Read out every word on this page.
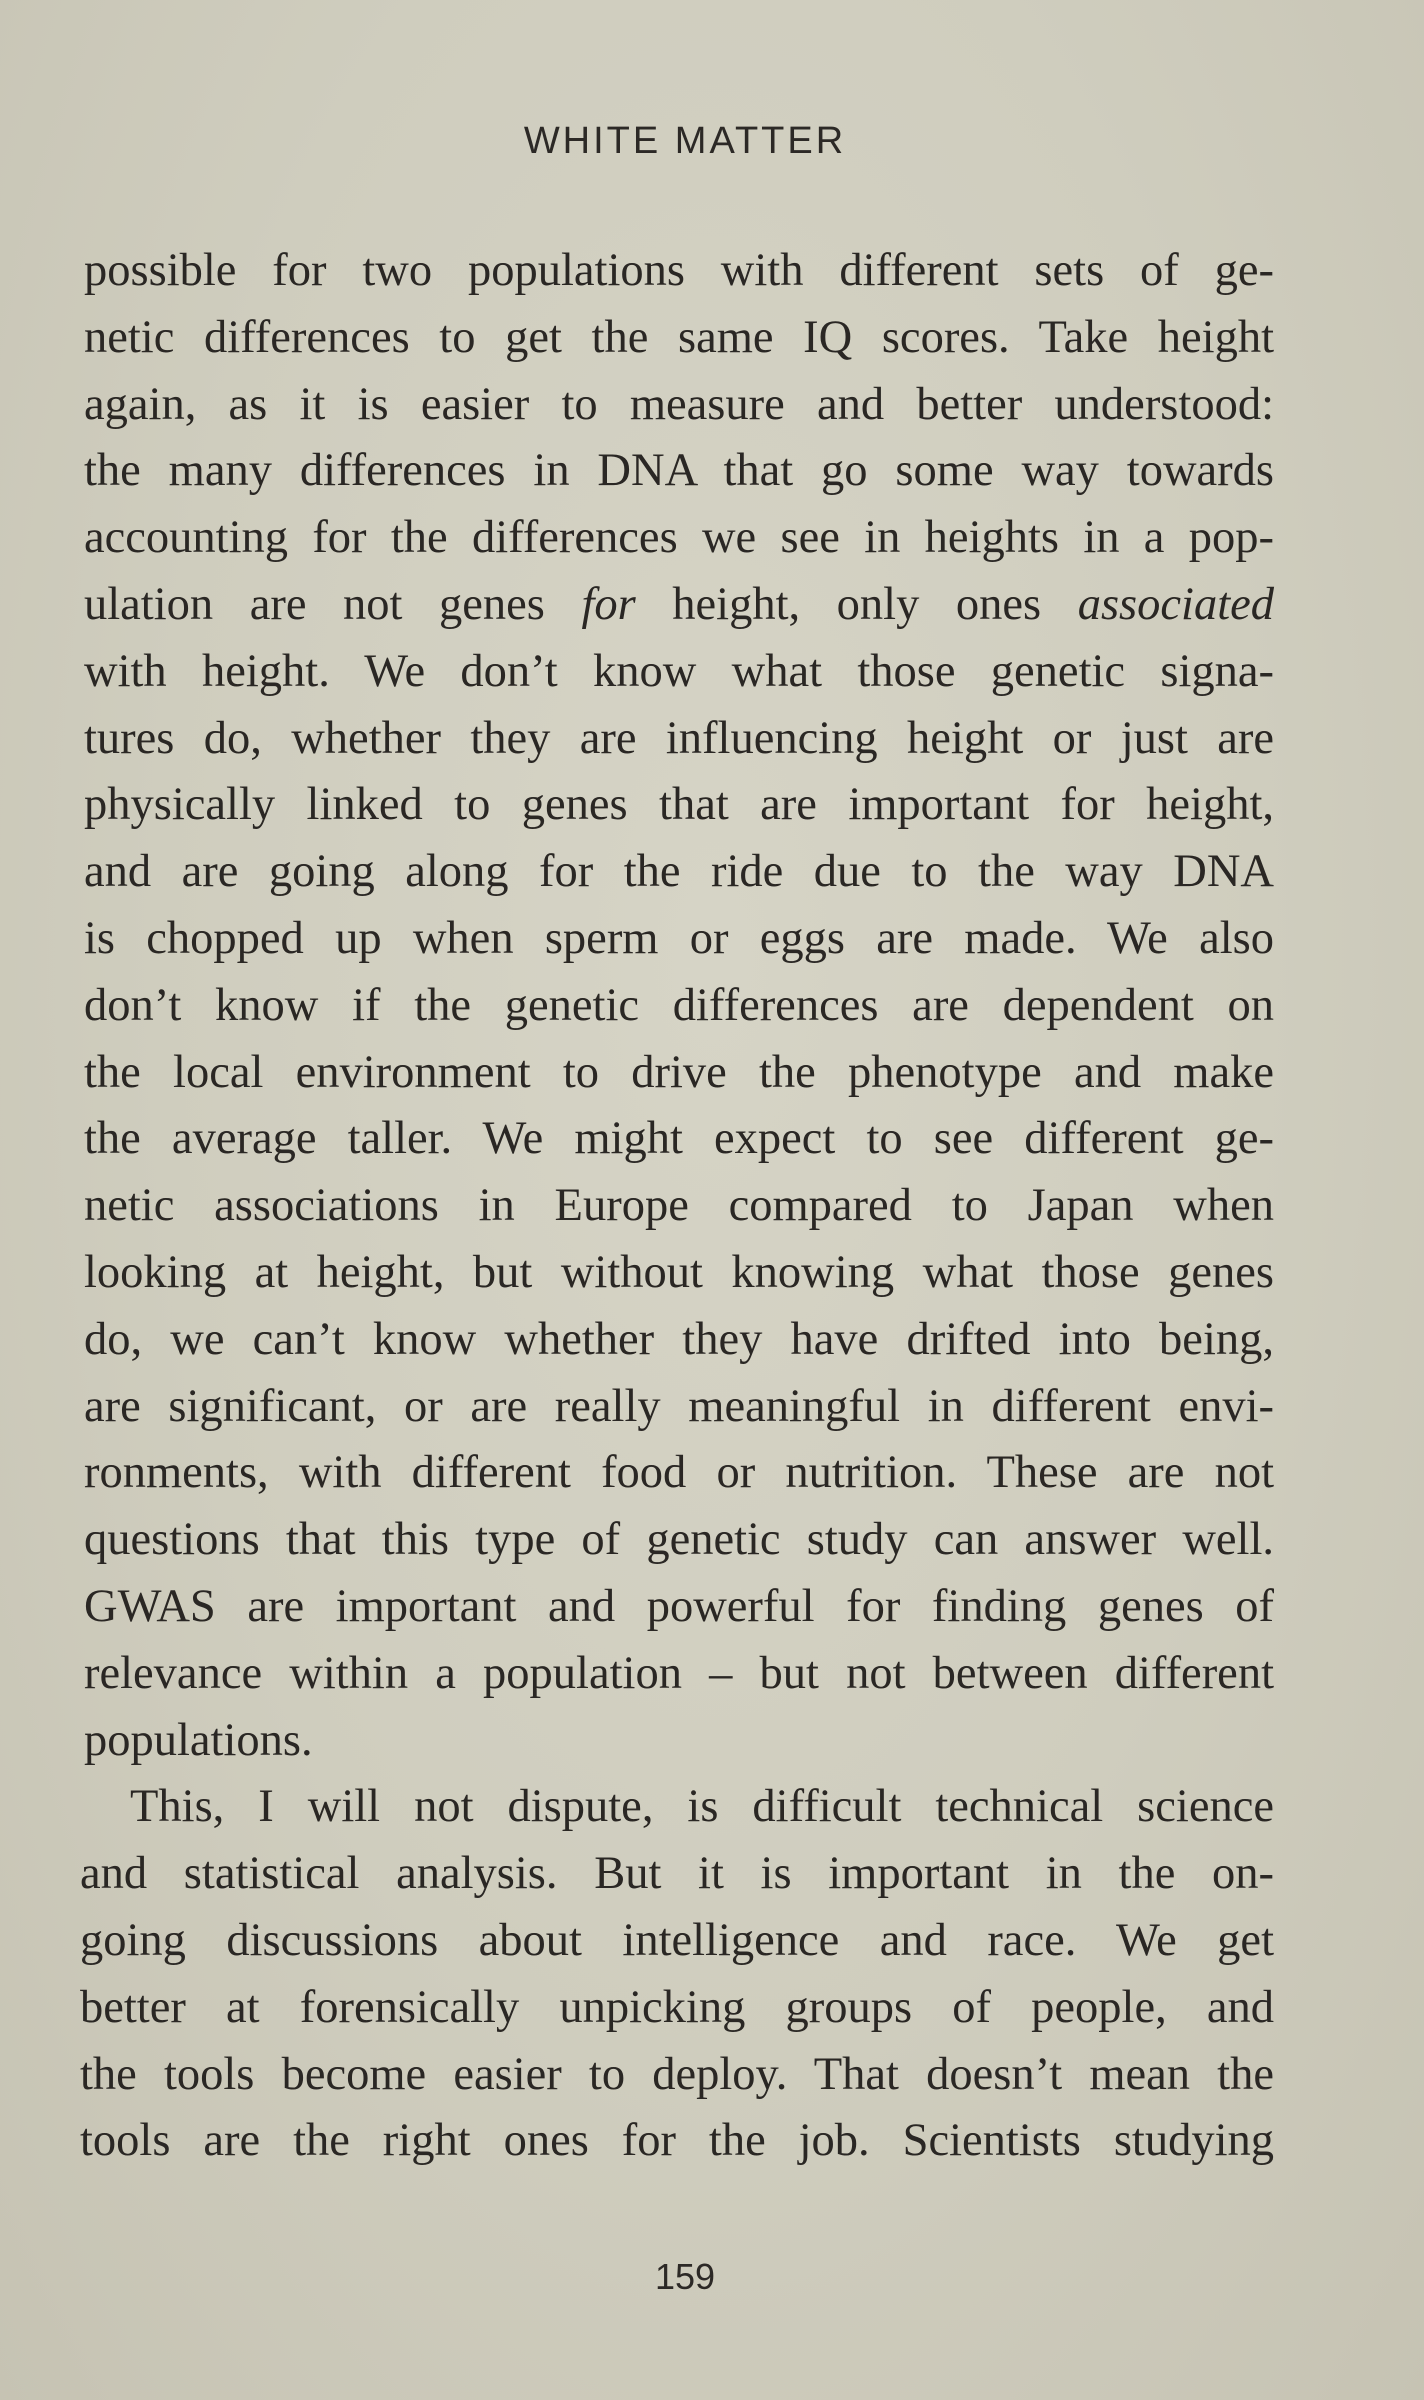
WHITE MATTER
possible for two populations with different sets of ge-
netic differences to get the same IQ scores. Take height
again, as it is easier to measure and better understood:
the many differences in DNA that go some way towards
accounting for the differences we see in heights in a pop-
ulation are not genes for height, only ones associated
with height. We don’t know what those genetic signa-
tures do, whether they are influencing height or just are
physically linked to genes that are important for height,
and are going along for the ride due to the way DNA
is chopped up when sperm or eggs are made. We also
don’t know if the genetic differences are dependent on
the local environment to drive the phenotype and make
the average taller. We might expect to see different ge-
netic associations in Europe compared to Japan when
looking at height, but without knowing what those genes
do, we can’t know whether they have drifted into being,
are significant, or are really meaningful in different envi-
ronments, with different food or nutrition. These are not
questions that this type of genetic study can answer well.
GWAS are important and powerful for finding genes of
relevance within a population – but not between different
populations.
This, I will not dispute, is difficult technical science
and statistical analysis. But it is important in the on-
going discussions about intelligence and race. We get
better at forensically unpicking groups of people, and
the tools become easier to deploy. That doesn’t mean the
tools are the right ones for the job. Scientists studying
159
